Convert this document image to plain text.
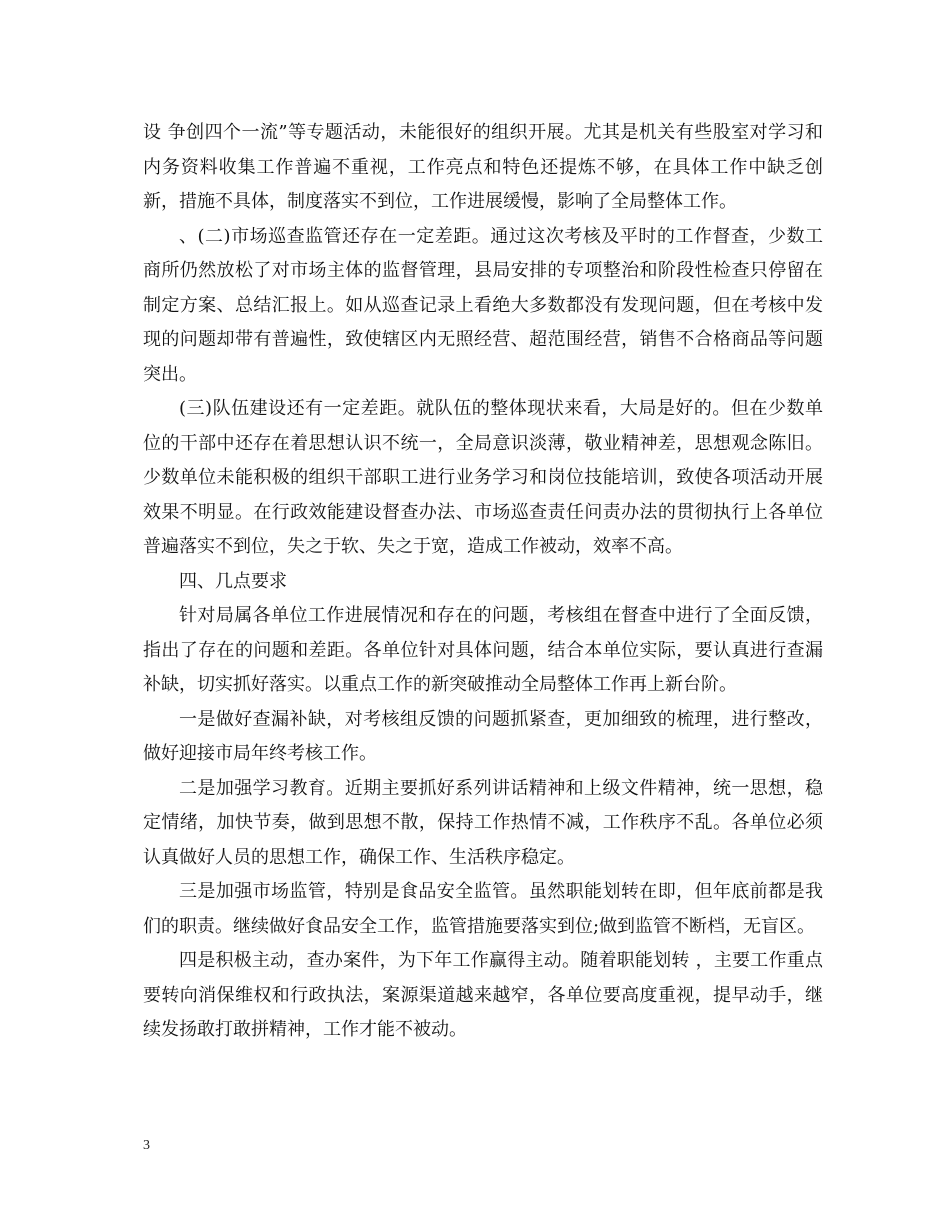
设 争创四个一流”等专题活动，未能很好的组织开展。尤其是机关有些股室对学习和内务资料收集工作普遍不重视，工作亮点和特色还提炼不够，在具体工作中缺乏创新，措施不具体，制度落实不到位，工作进展缓慢，影响了全局整体工作。

、(二)市场巡查监管还存在一定差距。通过这次考核及平时的工作督查，少数工商所仍然放松了对市场主体的监督管理，县局安排的专项整治和阶段性检查只停留在制定方案、总结汇报上。如从巡查记录上看绝大多数都没有发现问题，但在考核中发现的问题却带有普遍性，致使辖区内无照经营、超范围经营，销售不合格商品等问题突出。

(三)队伍建设还有一定差距。就队伍的整体现状来看，大局是好的。但在少数单位的干部中还存在着思想认识不统一，全局意识淡薄，敬业精神差，思想观念陈旧。少数单位未能积极的组织干部职工进行业务学习和岗位技能培训，致使各项活动开展效果不明显。在行政效能建设督查办法、市场巡查责任问责办法的贯彻执行上各单位普遍落实不到位，失之于软、失之于宽，造成工作被动，效率不高。

四、几点要求

针对局属各单位工作进展情况和存在的问题，考核组在督查中进行了全面反馈，指出了存在的问题和差距。各单位针对具体问题，结合本单位实际，要认真进行查漏补缺，切实抓好落实。以重点工作的新突破推动全局整体工作再上新台阶。

一是做好查漏补缺，对考核组反馈的问题抓紧查，更加细致的梳理，进行整改，做好迎接市局年终考核工作。

二是加强学习教育。近期主要抓好系列讲话精神和上级文件精神，统一思想，稳定情绪，加快节奏，做到思想不散，保持工作热情不减，工作秩序不乱。各单位必须认真做好人员的思想工作，确保工作、生活秩序稳定。

三是加强市场监管，特别是食品安全监管。虽然职能划转在即，但年底前都是我们的职责。继续做好食品安全工作，监管措施要落实到位;做到监管不断档，无盲区。

四是积极主动，查办案件，为下年工作赢得主动。随着职能划转 ，主要工作重点要转向消保维权和行政执法，案源渠道越来越窄，各单位要高度重视，提早动手，继续发扬敢打敢拼精神，工作才能不被动。

3
